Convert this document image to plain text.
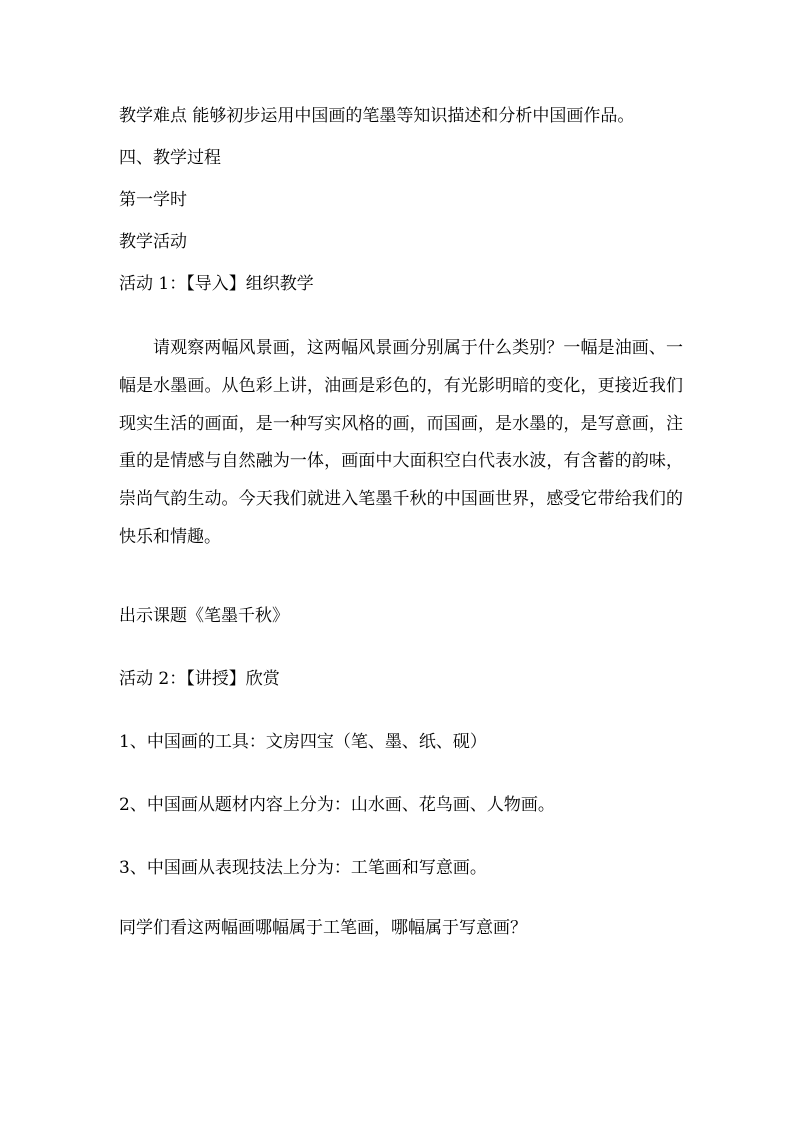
教学难点 能够初步运用中国画的笔墨等知识描述和分析中国画作品。
四、教学过程
第一学时
教学活动
活动 1：【导入】组织教学

请观察两幅风景画，这两幅风景画分别属于什么类别？一幅是油画、一幅是水墨画。从色彩上讲，油画是彩色的，有光影明暗的变化，更接近我们现实生活的画面，是一种写实风格的画，而国画，是水墨的，是写意画，注重的是情感与自然融为一体，画面中大面积空白代表水波，有含蓄的韵味，崇尚气韵生动。今天我们就进入笔墨千秋的中国画世界，感受它带给我们的快乐和情趣。

出示课题《笔墨千秋》
活动 2：【讲授】欣赏
1、中国画的工具：文房四宝（笔、墨、纸、砚）
2、中国画从题材内容上分为：山水画、花鸟画、人物画。
3、中国画从表现技法上分为：工笔画和写意画。
同学们看这两幅画哪幅属于工笔画，哪幅属于写意画？
